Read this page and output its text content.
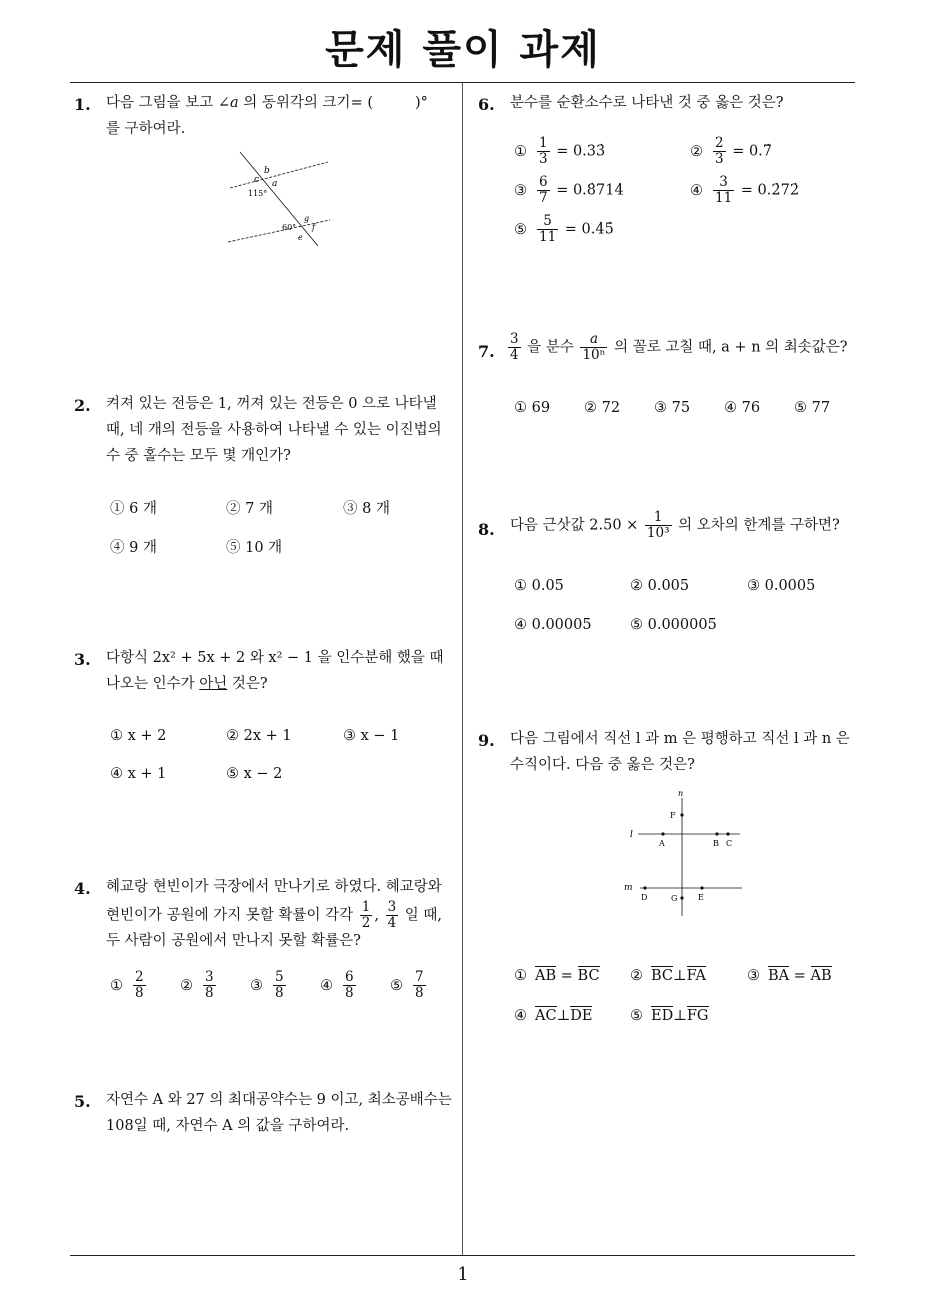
문제 풀이 과제
1
1. 다음 그림을 보고 ∠a 의 동위각의 크기= (	)°
를 구하여라.
b
c a
115°
g
60° f
e
2. 켜져 있는 전등은 1, 꺼져 있는 전등은 0 으로 나타낼
때, 네 개의 전등을 사용하여 나타낼 수 있는 이진법의
수 중 홀수는 모두 몇 개인가?
① 6 개	② 7 개	③ 8 개
④ 9 개	⑤ 10 개
3. 다항식 2x² + 5x + 2 와 x² − 1 을 인수분해 했을 때
나오는 인수가 아닌 것은?
① x + 2	② 2x + 1	③ x − 1
④ x + 1	⑤ x − 2
4. 혜교랑 현빈이가 극장에서 만나기로 하였다. 혜교랑와
현빈이가 공원에 가지 못할 확률이 각각 $\frac{1}{2}$ , $\frac{3}{4}$ 일 때,
두 사람이 공원에서 만나지 못할 확률은?
① $\frac{2}{8}$ ② $\frac{3}{8}$ ③ $\frac{5}{8}$ ④ $\frac{6}{8}$ ⑤ $\frac{7}{8}$
5. 자연수 A 와 27 의 최대공약수는 9 이고, 최소공배수는
108일 때, 자연수 A 의 값을 구하여라.
6. 분수를 순환소수로 나타낸 것 중 옳은 것은?
① $\frac{1}{3}$ = 0.33̇	② $\frac{2}{3}$ = 0.7̇
③ $\frac{6}{7}$ = 0.8̇714̇	④ $\frac{3}{11}$ = 0.2̇72̇
⑤ $\frac{5}{11}$ = 0.4̇5̇
7. $\frac{3}{4}$ 을 분수 $\frac{a}{\text{10ⁿ}}$ 의 꼴로 고칠 때, a + n 의 최솟값은?
① 69 ② 72 ③ 75 ④ 76 ⑤ 77
8. 다음 근삿값 $2.50 \times \frac{1}{\text{10³}}$ 의 오차의 한계를 구하면?
① 0.05	② 0.005	③ 0.0005
④ 0.00005	⑤ 0.000005
9. 다음 그림에서 직선 l 과 m 은 평행하고 직선 l 과 n 은
수직이다. 다음 중 옳은 것은?
n
l
m
F
A	B C
D	G	E
① AB = BC ② BC⊥FA	③ BA = AB
④ AC⊥DE	⑤ ED⊥FG
